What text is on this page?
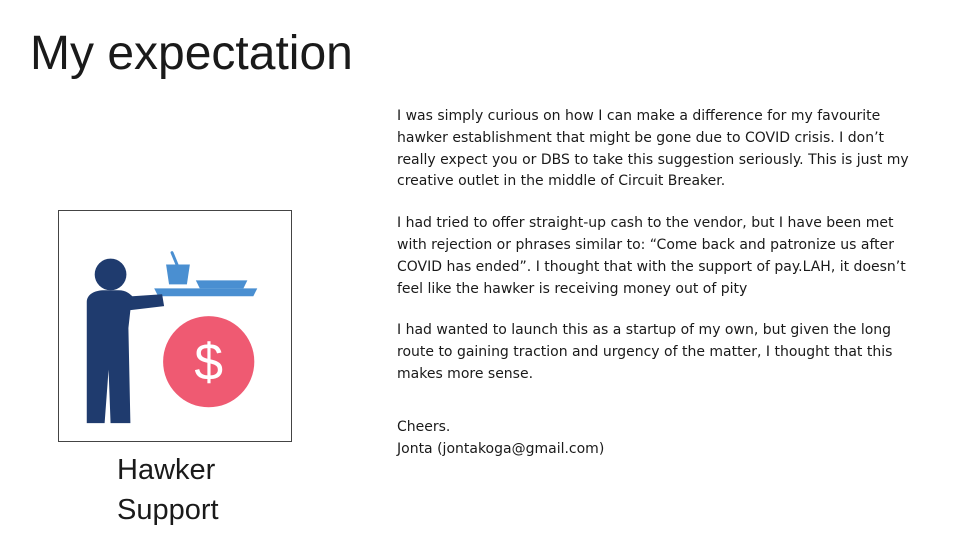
My expectation
$
Hawker
Support

I was simply curious on how I can make a difference for my favourite hawker establishment that might be gone due to COVID crisis. I don’t really expect you or DBS to take this suggestion seriously. This is just my creative outlet in the middle of Circuit Breaker.

I had tried to offer straight-up cash to the vendor, but I have been met with rejection or phrases similar to: “Come back and patronize us after COVID has ended”. I thought that with the support of pay.LAH, it doesn’t feel like the hawker is receiving money out of pity

I had wanted to launch this as a startup of my own, but given the long route to gaining traction and urgency of the matter, I thought that this makes more sense.

Cheers.
Jonta (jontakoga@gmail.com)
